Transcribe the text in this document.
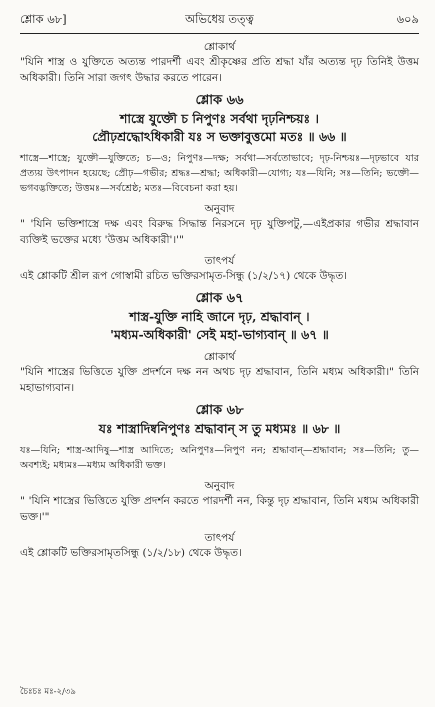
শ্লোক ৬৮]	অভিধেয় তত্ত্ব	৬০৯
শ্লোকার্থ
"যিনি শাস্ত্র ও যুক্তিতে অত্যন্ত পারদর্শী এবং শ্রীকৃষ্ণের প্রতি শ্রদ্ধা যাঁর অত্যন্ত দৃঢ় তিনিই উত্তম অধিকারী। তিনি সারা জগৎ উদ্ধার করতে পারেন।
শ্লোক ৬৬
শাস্ত্রে যুক্তৌ চ নিপুণঃ সর্বথা দৃঢ়নিশ্চয়ঃ ।
প্রৌঢ়শ্রদ্ধোঽধিকারী যঃ স ভক্তাবুত্তমো মতঃ ॥ ৬৬ ॥
শাস্ত্রে—শাস্ত্রে; যুক্তৌ—যুক্তিতে; চ—ও; নিপুণঃ—দক্ষ; সর্বথা—সর্বতোভাবে; দৃঢ়-নিশ্চয়ঃ—দৃঢ়ভাবে যার প্রত্যয় উৎপাদন হয়েছে; প্রৌঢ়—গভীর; শ্রদ্ধঃ—শ্রদ্ধা; অধিকারী—যোগ্য; যঃ—যিনি; সঃ—তিনি; ভক্তৌ—ভগবদ্ভক্তিতে; উত্তমঃ—সর্বশ্রেষ্ঠ; মতঃ—বিবেচনা করা হয়।
অনুবাদ
" 'যিনি ভক্তিশাস্ত্রে দক্ষ এবং বিরুদ্ধ সিদ্ধান্ত নিরসনে দৃঢ় যুক্তিপটু,—এইপ্রকার গভীর শ্রদ্ধাবান ব্যক্তিই ভক্তের মধ্যে 'উত্তম অধিকারী'।'"
তাৎপর্য
এই শ্লোকটি শ্রীল রূপ গোস্বামী রচিত ভক্তিরসামৃত-সিন্ধু (১/২/১৭) থেকে উদ্ধৃত।
শ্লোক ৬৭
শাস্ত্র-যুক্তি নাহি জানে দৃঢ়, শ্রদ্ধাবান্ ।
'মধ্যম-অধিকারী' সেই মহা-ভাগ্যবান্ ॥ ৬৭ ॥
শ্লোকার্থ
"যিনি শাস্ত্রের ভিত্তিতে যুক্তি প্রদর্শনে দক্ষ নন অথচ দৃঢ় শ্রদ্ধাবান, তিনি মধ্যম অধিকারী।" তিনি মহাভাগ্যবান।
শ্লোক ৬৮
যঃ শাস্ত্রাদিষ্বনিপুণঃ শ্রদ্ধাবান্ স তু মধ্যমঃ ॥ ৬৮ ॥
যঃ—যিনি; শাস্ত্র-আদিষু—শাস্ত্র আদিতে; অনিপুণঃ—নিপুণ নন; শ্রদ্ধাবান্—শ্রদ্ধাবান; সঃ—তিনি; তু—অবশ্যই; মধ্যমঃ—মধ্যম অধিকারী ভক্ত।
অনুবাদ
" 'যিনি শাস্ত্রের ভিত্তিতে যুক্তি প্রদর্শন করতে পারদর্শী নন, কিন্তু দৃঢ় শ্রদ্ধাবান, তিনি মধ্যম অধিকারী ভক্ত।'"
তাৎপর্য
এই শ্লোকটি ভক্তিরসামৃতসিন্ধু (১/২/১৮) থেকে উদ্ধৃত।
চৈঃচঃ মঃ-২/৩৯
